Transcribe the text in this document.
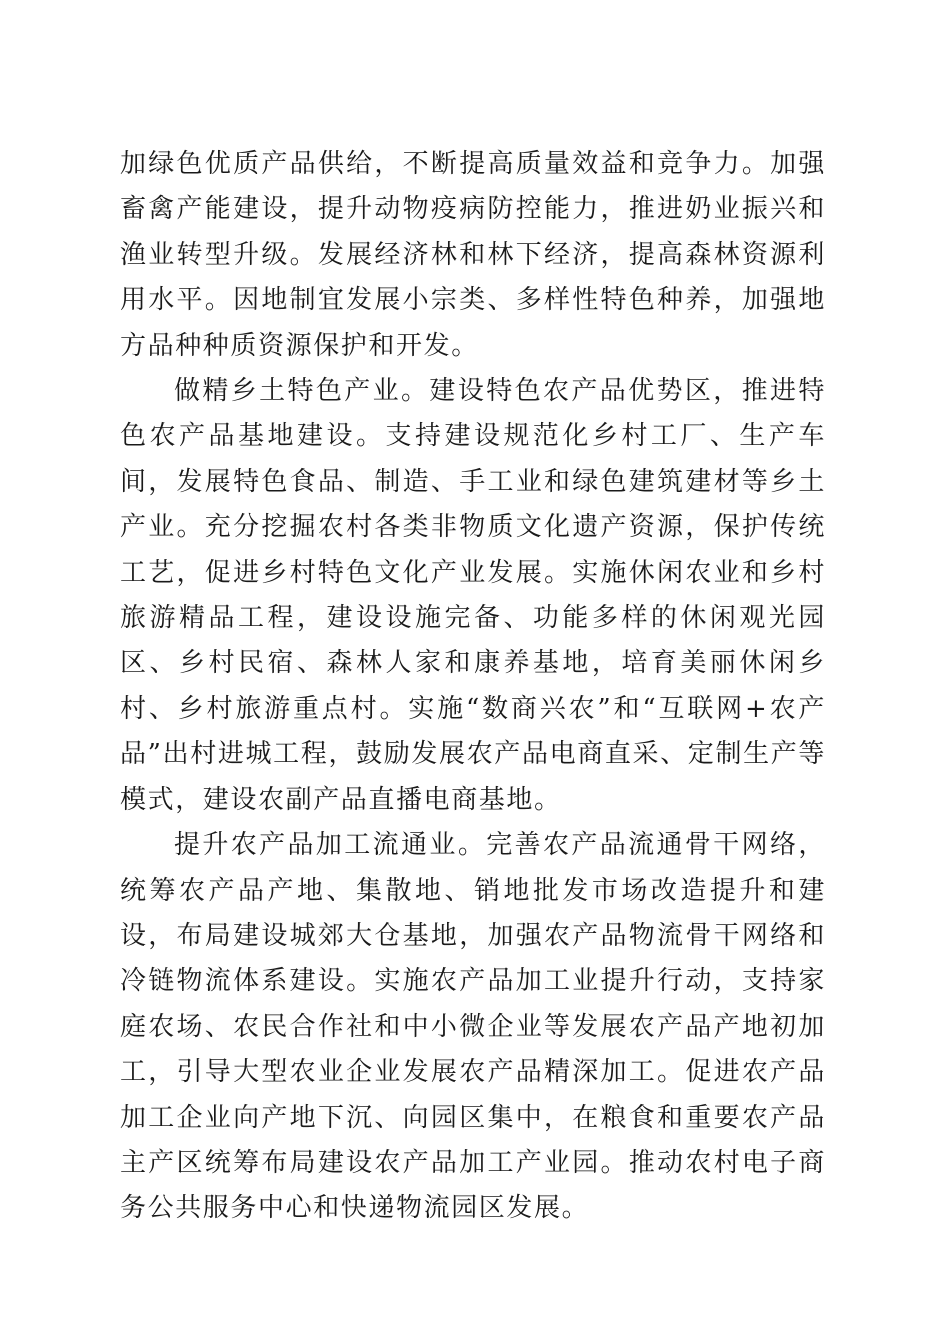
加绿色优质产品供给，不断提高质量效益和竞争力。加强畜禽产能建设，提升动物疫病防控能力，推进奶业振兴和渔业转型升级。发展经济林和林下经济，提高森林资源利用水平。因地制宜发展小宗类、多样性特色种养，加强地方品种种质资源保护和开发。

做精乡土特色产业。建设特色农产品优势区，推进特色农产品基地建设。支持建设规范化乡村工厂、生产车间，发展特色食品、制造、手工业和绿色建筑建材等乡土产业。充分挖掘农村各类非物质文化遗产资源，保护传统工艺，促进乡村特色文化产业发展。实施休闲农业和乡村旅游精品工程，建设设施完备、功能多样的休闲观光园区、乡村民宿、森林人家和康养基地，培育美丽休闲乡村、乡村旅游重点村。实施“数商兴农”和“互联网+农产品”出村进城工程，鼓励发展农产品电商直采、定制生产等模式，建设农副产品直播电商基地。

提升农产品加工流通业。完善农产品流通骨干网络，统筹农产品产地、集散地、销地批发市场改造提升和建设，布局建设城郊大仓基地，加强农产品物流骨干网络和冷链物流体系建设。实施农产品加工业提升行动，支持家庭农场、农民合作社和中小微企业等发展农产品产地初加工，引导大型农业企业发展农产品精深加工。促进农产品加工企业向产地下沉、向园区集中，在粮食和重要农产品主产区统筹布局建设农产品加工产业园。推动农村电子商务公共服务中心和快递物流园区发展。
